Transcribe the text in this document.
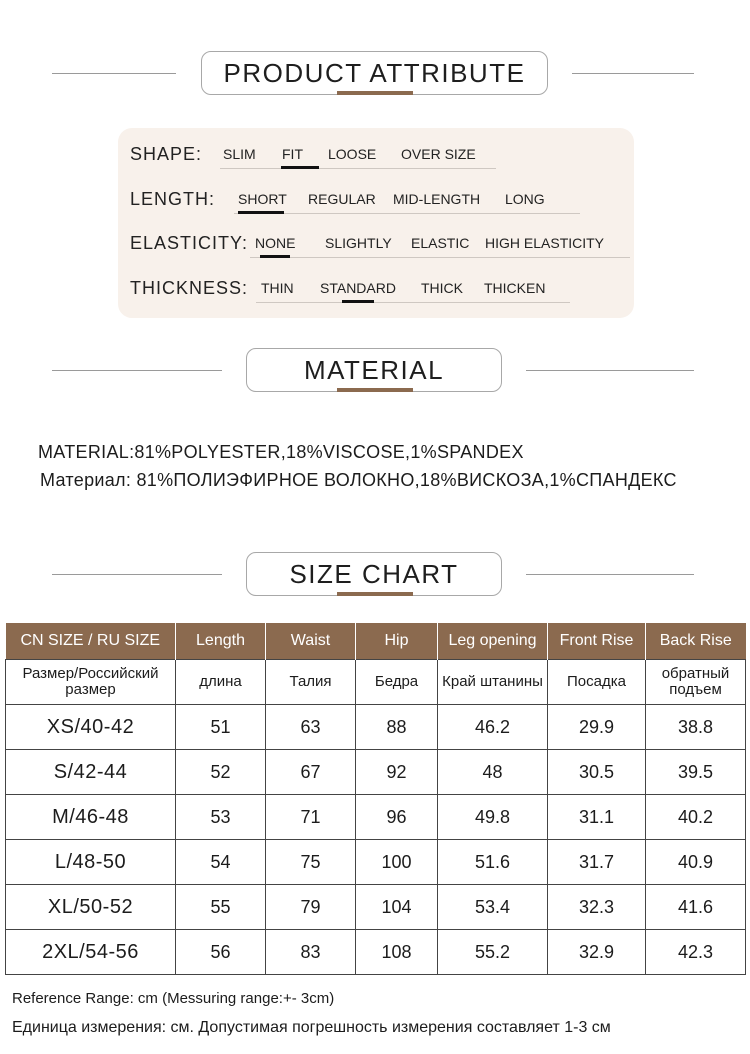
PRODUCT ATTRIBUTE
SHAPE: SLIM FIT LOOSE OVER SIZE
LENGTH: SHORT REGULAR MID-LENGTH LONG
ELASTICITY: NONE SLIGHTLY ELASTIC HIGH ELASTICITY
THICKNESS: THIN STANDARD THICK THICKEN
MATERIAL
MATERIAL:81%POLYESTER,18%VISCOSE,1%SPANDEX
Материал: 81%ПОЛИЭФИРНОЕ ВОЛОКНО,18%ВИСКОЗА,1%СПАНДЕКС
SIZE CHART
CN SIZE / RU SIZE	Length	Waist	Hip	Leg opening	Front Rise	Back Rise
Размер/Российский размер	длина	Талия	Бедра	Край штанины	Посадка	обратный подъем
XS/40-42	51	63	88	46.2	29.9	38.8
S/42-44	52	67	92	48	30.5	39.5
M/46-48	53	71	96	49.8	31.1	40.2
L/48-50	54	75	100	51.6	31.7	40.9
XL/50-52	55	79	104	53.4	32.3	41.6
2XL/54-56	56	83	108	55.2	32.9	42.3
Reference Range: cm (Messuring range:+- 3cm)
Единица измерения: см. Допустимая погрешность измерения составляет 1-3 см
